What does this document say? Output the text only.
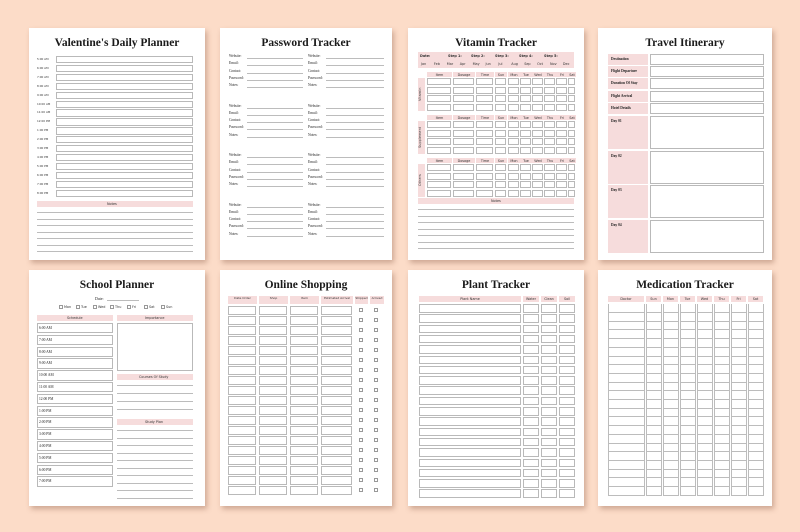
Valentine's Daily Planner
5:00 AM
6:00 AM
7:00 AM
8:00 AM
9:00 AM
10:00 AM
11:00 AM
12:00 PM
1:00 PM
2:00 PM
3:00 PM
4:00 PM
5:00 PM
6:00 PM
7:00 PM
8:00 PM
Notes
Password Tracker
Website:
Email:
Contact:
Password:
Notes:
Website:
Email:
Contact:
Password:
Notes:
Website:
Email:
Contact:
Password:
Notes:
Website:
Email:
Contact:
Password:
Notes:
Website:
Email:
Contact:
Password:
Notes:
Website:
Email:
Contact:
Password:
Notes:
Website:
Email:
Contact:
Password:
Notes:
Website:
Email:
Contact:
Password:
Notes:
Vitamin Tracker
Date:	Step 1:	Step 2:	Step 3:	Step 4:	Step 5:
Jan Feb Mar Apr May Jun Jul	Aug Sep Oct Nov Dec
Vitamin
Item	Dosage	Time	Sun	Mon	Tue	Wed	Thu	Fri	Sat
Supplement
Item	Dosage	Time	Sun	Mon	Tue	Wed	Thu	Fri	Sat
Others
Item	Dosage	Time	Sun	Mon	Tue	Wed	Thu	Fri	Sat
Notes
Travel Itinerary
Destination
Flight Departure
Duration Of Stay
Flight Arrival
Hotel Details
Day 01
Day 02
Day 03
Day 04
School Planner
Date:
Mon	Tue	Wed	Thu	Fri	Sat	Sun
Schedule
6:00 AM
7:00 AM
8:00 AM
9:00 AM
10:00 AM
11:00 AM
12:00 PM
1:00 PM
2:00 PM
3:00 PM
4:00 PM
5:00 PM
6:00 PM
7:00 PM
Importance
Courses Of Study
Study Plan
Online Shopping
Date Order	Shop	Item	Estimated Arrival	Shipped	Arrived
Plant Tracker
Plant Name	Water	Clean	Soil
Medication Tracker
Doctor	Sun	Mon	Tue	Wed	Thu	Fri	Sat
